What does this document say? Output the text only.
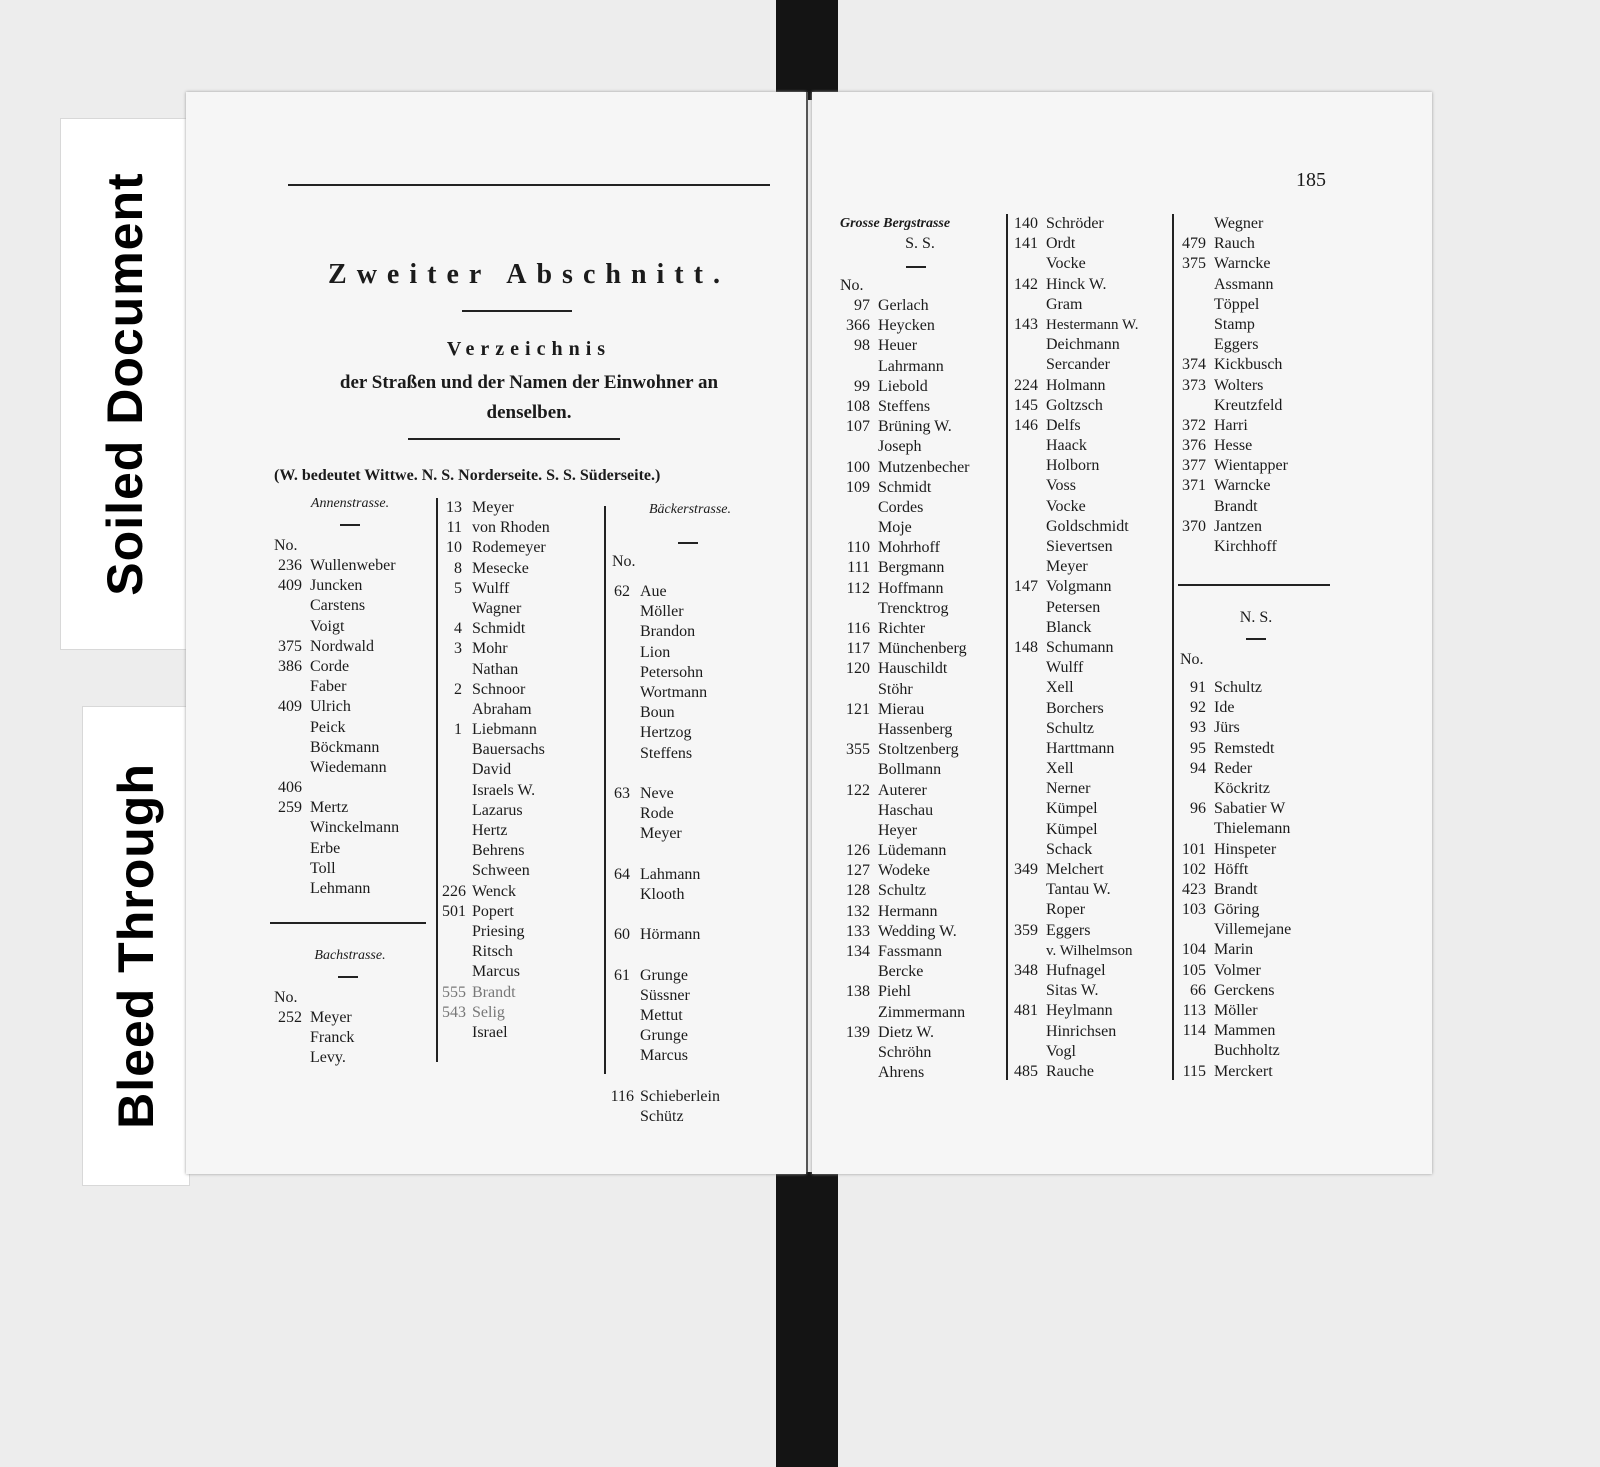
Soiled Document
Bleed Through
Zweiter Abschnitt.
Verzeichnis
der Straßen und der Namen der Einwohner an
denselben.
(W. bedeutet Wittwe. N. S. Norderseite. S. S. Süderseite.)
Annenstrasse.
No.
236 Wullenweber
409 Juncken
Carstens
Voigt
375 Nordwald
386 Corde
Faber
409 Ulrich
Peick
Böckmann
Wiedemann
406
259 Mertz
Winckelmann
Erbe
Toll
Lehmann
Bachstrasse.
No.
252 Meyer
Franck
Levy.
13 Meyer
11 von Rhoden
10 Rodemeyer
8 Mesecke
5 Wulff
Wagner
4 Schmidt
3 Mohr
Nathan
2 Schnoor
Abraham
1 Liebmann
Bauersachs
David
Israels W.
Lazarus
Hertz
Behrens
Schween
226 Wenck
501 Popert
Priesing
Ritsch
Marcus
555 Brandt
543 Selig
Israel
Bäckerstrasse.
No.
62 Aue
Möller
Brandon
Lion
Petersohn
Wortmann
Boun
Hertzog
Steffens
63 Neve
Rode
Meyer
64 Lahmann
Klooth
60 Hörmann
61 Grunge
Süssner
Mettut
Grunge
Marcus
116 Schieberlein
Schütz
185
Grosse Bergstrasse
S. S.
No.
97 Gerlach
366 Heycken
98 Heuer
Lahrmann
99 Liebold
108 Steffens
107 Brüning W.
Joseph
100 Mutzenbecher
109 Schmidt
Cordes
Moje
110 Mohrhoff
111 Bergmann
112 Hoffmann
Trencktrog
116 Richter
117 Münchenberg
120 Hauschildt
Stöhr
121 Mierau
Hassenberg
355 Stoltzenberg
Bollmann
122 Auterer
Haschau
Heyer
126 Lüdemann
127 Wodeke
128 Schultz
132 Hermann
133 Wedding W.
134 Fassmann
Bercke
138 Piehl
Zimmermann
139 Dietz W.
Schröhn
Ahrens
140 Schröder
141 Ordt
Vocke
142 Hinck W.
Gram
143 Hestermann W.
Deichmann
Sercander
224 Holmann
145 Goltzsch
146 Delfs
Haack
Holborn
Voss
Vocke
Goldschmidt
Sievertsen
Meyer
147 Volgmann
Petersen
Blanck
148 Schumann
Wulff
Xell
Borchers
Schultz
Harttmann
Xell
Nerner
Kümpel
Kümpel
Schack
349 Melchert
Tantau W.
Roper
359 Eggers
v. Wilhelmson
348 Hufnagel
Sitas W.
481 Heylmann
Hinrichsen
Vogl
485 Rauche
Wegner
479 Rauch
375 Warncke
Assmann
Töppel
Stamp
Eggers
374 Kickbusch
373 Wolters
Kreutzfeld
372 Harri
376 Hesse
377 Wientapper
371 Warncke
Brandt
370 Jantzen
Kirchhoff
N. S.
No.
91 Schultz
92 Ide
93 Jürs
95 Remstedt
94 Reder
Köckritz
96 Sabatier W
Thielemann
101 Hinspeter
102 Höfft
423 Brandt
103 Göring
Villemejane
104 Marin
105 Volmer
66 Gerckens
113 Möller
114 Mammen
Buchholtz
115 Merckert
